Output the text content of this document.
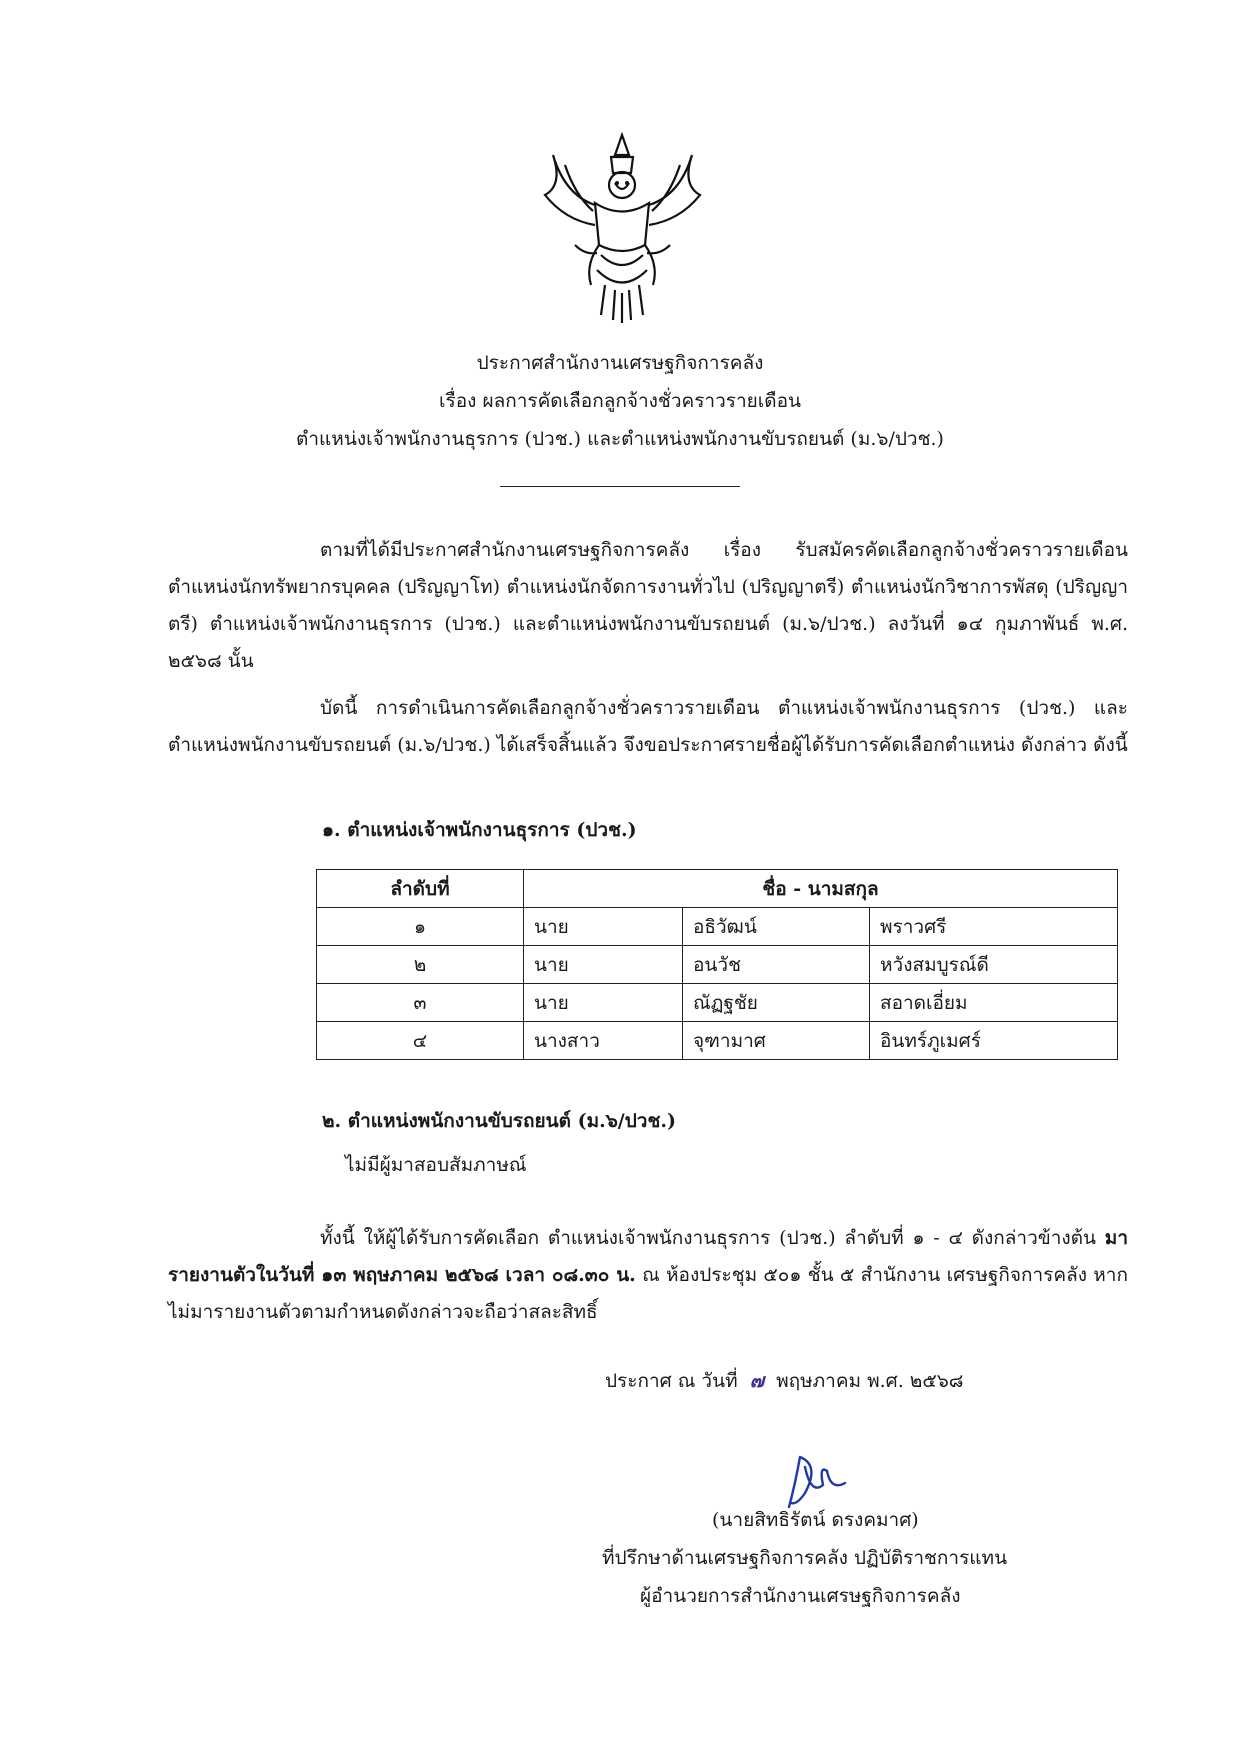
ประกาศสำนักงานเศรษฐกิจการคลัง
เรื่อง ผลการคัดเลือกลูกจ้างชั่วคราวรายเดือน
ตำแหน่งเจ้าพนักงานธุรการ (ปวช.) และตำแหน่งพนักงานขับรถยนต์ (ม.๖/ปวช.)
ตามที่ได้มีประกาศสำนักงานเศรษฐกิจการคลัง เรื่อง รับสมัครคัดเลือกลูกจ้างชั่วคราวรายเดือน ตำแหน่งนักทรัพยากรบุคคล (ปริญญาโท) ตำแหน่งนักจัดการงานทั่วไป (ปริญญาตรี) ตำแหน่งนักวิชาการพัสดุ (ปริญญาตรี) ตำแหน่งเจ้าพนักงานธุรการ (ปวช.) และตำแหน่งพนักงานขับรถยนต์ (ม.๖/ปวช.) ลงวันที่ ๑๔ กุมภาพันธ์ พ.ศ. ๒๕๖๘ นั้น
บัดนี้ การดำเนินการคัดเลือกลูกจ้างชั่วคราวรายเดือน ตำแหน่งเจ้าพนักงานธุรการ (ปวช.) และตำแหน่งพนักงานขับรถยนต์ (ม.๖/ปวช.) ได้เสร็จสิ้นแล้ว จึงขอประกาศรายชื่อผู้ได้รับการคัดเลือกตำแหน่ง ดังกล่าว ดังนี้
๑. ตำแหน่งเจ้าพนักงานธุรการ (ปวช.)
ลำดับที่	ชื่อ - นามสกุล		
๑	นาย	อธิวัฒน์	พราวศรี
๒	นาย	อนวัช	หวังสมบูรณ์ดี
๓	นาย	ณัฏฐชัย	สอาดเอี่ยม
๔	นางสาว	จุฑามาศ	อินทร์ภูเมศร์
๒. ตำแหน่งพนักงานขับรถยนต์ (ม.๖/ปวช.)
ไม่มีผู้มาสอบสัมภาษณ์
ทั้งนี้ ให้ผู้ได้รับการคัดเลือก ตำแหน่งเจ้าพนักงานธุรการ (ปวช.) ลำดับที่ ๑ - ๔ ดังกล่าวข้างต้น มารายงานตัวในวันที่ ๑๓ พฤษภาคม ๒๕๖๘ เวลา ๐๘.๓๐ น. ณ ห้องประชุม ๕๐๑ ชั้น ๕ สำนักงาน เศรษฐกิจการคลัง หากไม่มารายงานตัวตามกำหนดดังกล่าวจะถือว่าสละสิทธิ์
ประกาศ ณ วันที่ ๗ พฤษภาคม พ.ศ. ๒๕๖๘
(นายสิทธิรัตน์ ดรงคมาศ)
ที่ปรึกษาด้านเศรษฐกิจการคลัง ปฏิบัติราชการแทน
ผู้อำนวยการสำนักงานเศรษฐกิจการคลัง
